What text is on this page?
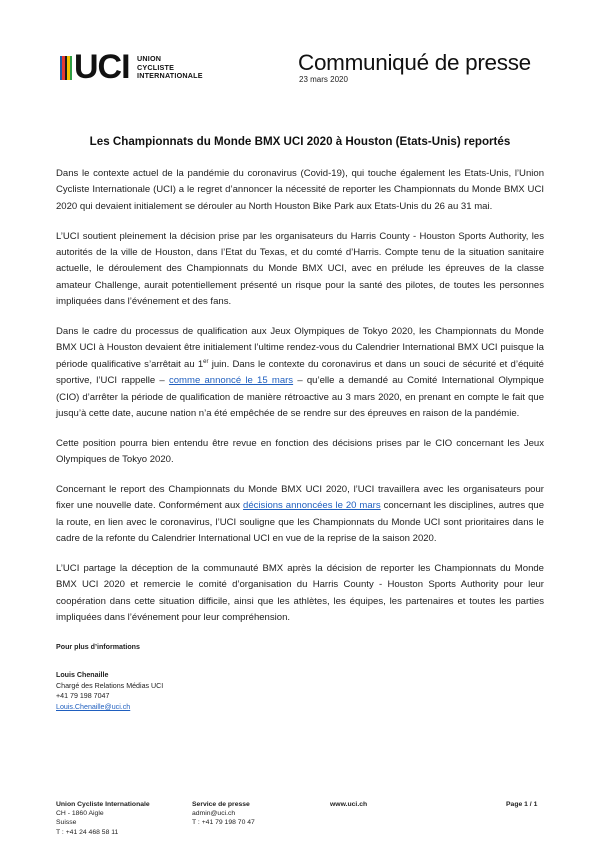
UCI UNION
CYCLISTE
INTERNATIONALE
Communiqué de presse
23 mars 2020
Les Championnats du Monde BMX UCI 2020 à Houston (Etats-Unis) reportés

Dans le contexte actuel de la pandémie du coronavirus (Covid-19), qui touche également les Etats-Unis, l’Union Cycliste Internationale (UCI) a le regret d’annoncer la nécessité de reporter les Championnats du Monde BMX UCI 2020 qui devaient initialement se dérouler au North Houston Bike Park aux Etats-Unis du 26 au 31 mai.

L’UCI soutient pleinement la décision prise par les organisateurs du Harris County - Houston Sports Authority, les autorités de la ville de Houston, dans l’Etat du Texas, et du comté d’Harris. Compte tenu de la situation sanitaire actuelle, le déroulement des Championnats du Monde BMX UCI, avec en prélude les épreuves de la classe amateur Challenge, aurait potentiellement présenté un risque pour la santé des pilotes, de toutes les personnes impliquées dans l’événement et des fans.

Dans le cadre du processus de qualification aux Jeux Olympiques de Tokyo 2020, les Championnats du Monde BMX UCI à Houston devaient être initialement l’ultime rendez-vous du Calendrier International BMX UCI puisque la période qualificative s’arrêtait au 1er juin. Dans le contexte du coronavirus et dans un souci de sécurité et d’équité sportive, l’UCI rappelle – comme annoncé le 15 mars – qu’elle a demandé au Comité International Olympique (CIO) d’arrêter la période de qualification de manière rétroactive au 3 mars 2020, en prenant en compte le fait que jusqu’à cette date, aucune nation n’a été empêchée de se rendre sur des épreuves en raison de la pandémie.

Cette position pourra bien entendu être revue en fonction des décisions prises par le CIO concernant les Jeux Olympiques de Tokyo 2020.

Concernant le report des Championnats du Monde BMX UCI 2020, l’UCI travaillera avec les organisateurs pour fixer une nouvelle date. Conformément aux décisions annoncées le 20 mars concernant les disciplines, autres que la route, en lien avec le coronavirus, l’UCI souligne que les Championnats du Monde UCI sont prioritaires dans le cadre de la refonte du Calendrier International UCI en vue de la reprise de la saison 2020.

L’UCI partage la déception de la communauté BMX après la décision de reporter les Championnats du Monde BMX UCI 2020 et remercie le comité d’organisation du Harris County - Houston Sports Authority pour leur coopération dans cette situation difficile, ainsi que les athlètes, les équipes, les partenaires et toutes les parties impliquées dans l’événement pour leur compréhension.

Pour plus d’informations
Louis Chenaille
Chargé des Relations Médias UCI
+41 79 198 7047
Louis.Chenaille@uci.ch
Union Cycliste Internationale
CH - 1860 Aigle
Suisse
T : +41 24 468 58 11
Service de presse
admin@uci.ch
T : +41 79 198 70 47
www.uci.ch	Page 1 / 1
